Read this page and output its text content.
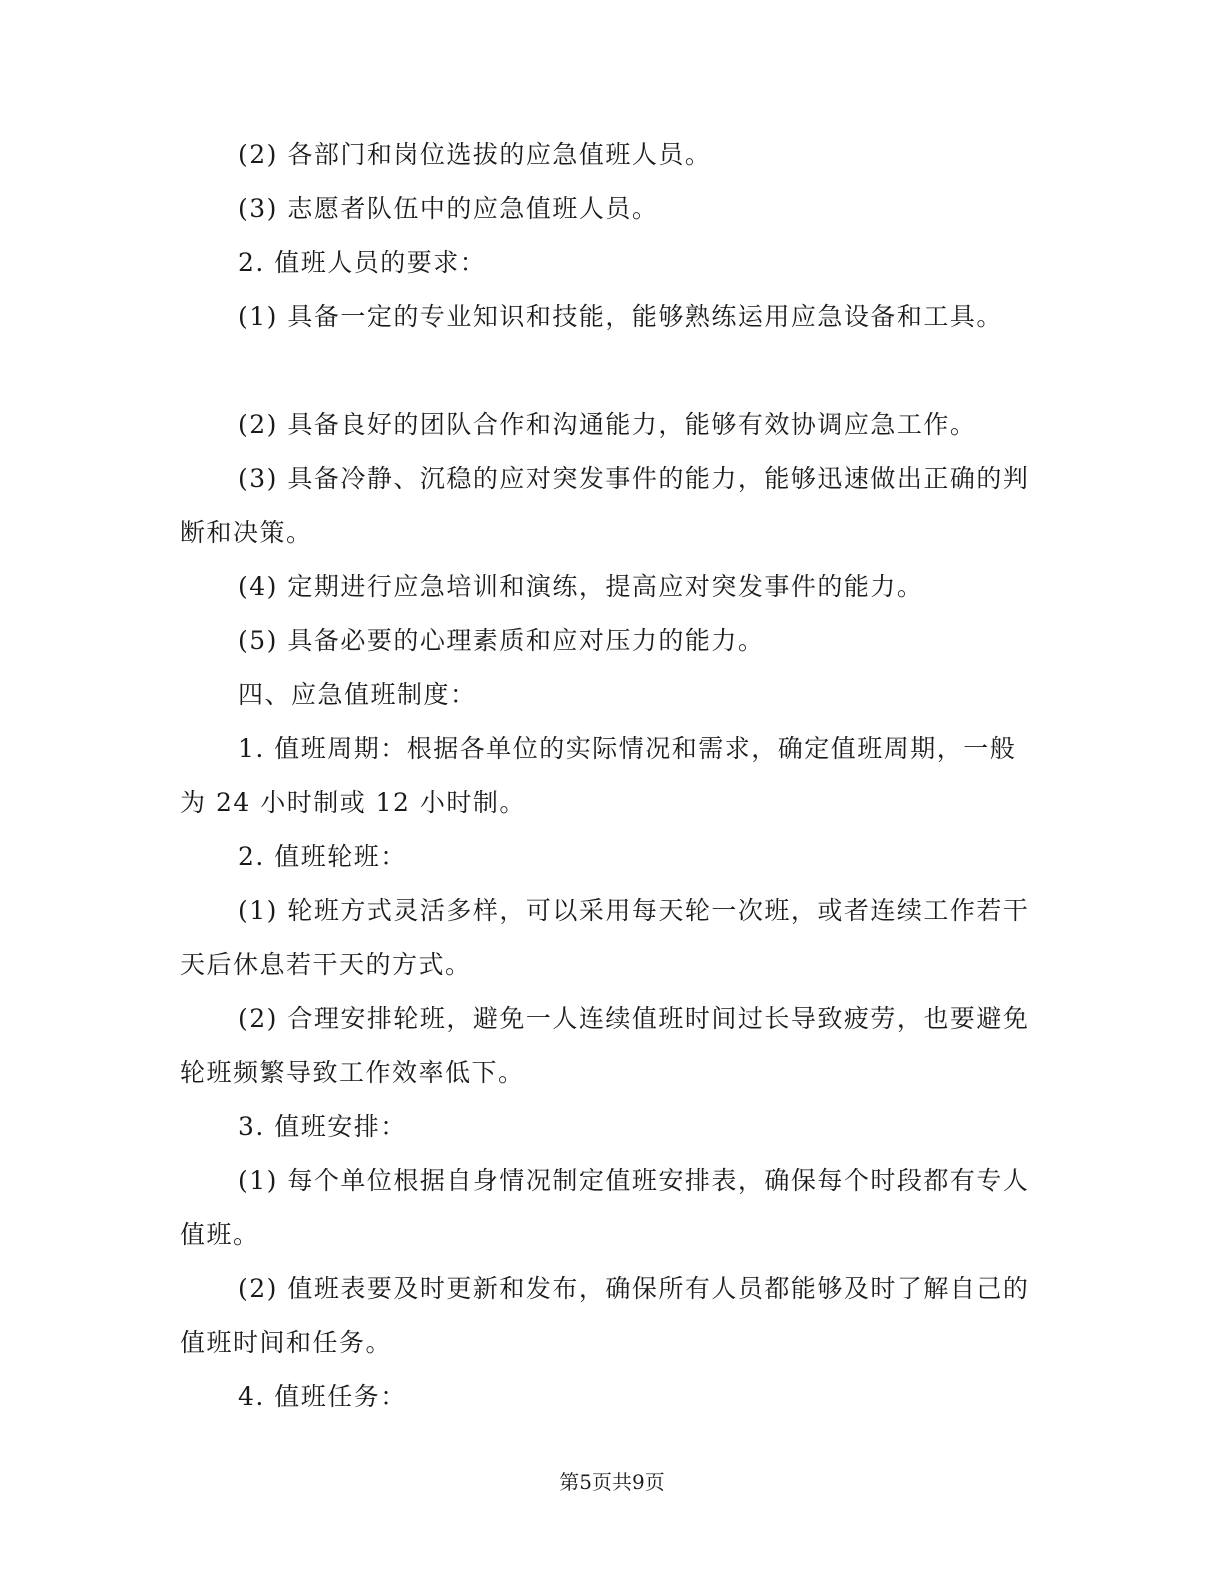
(2) 各部门和岗位选拔的应急值班人员。

(3) 志愿者队伍中的应急值班人员。

2. 值班人员的要求：

(1) 具备一定的专业知识和技能，能够熟练运用应急设备和工具。

(2) 具备良好的团队合作和沟通能力，能够有效协调应急工作。

(3) 具备冷静、沉稳的应对突发事件的能力，能够迅速做出正确的判断和决策。

(4) 定期进行应急培训和演练，提高应对突发事件的能力。

(5) 具备必要的心理素质和应对压力的能力。

四、应急值班制度：

1. 值班周期：根据各单位的实际情况和需求，确定值班周期，一般为 24 小时制或 12 小时制。

2. 值班轮班：

(1) 轮班方式灵活多样，可以采用每天轮一次班，或者连续工作若干天后休息若干天的方式。

(2) 合理安排轮班，避免一人连续值班时间过长导致疲劳，也要避免轮班频繁导致工作效率低下。

3. 值班安排：

(1) 每个单位根据自身情况制定值班安排表，确保每个时段都有专人值班。

(2) 值班表要及时更新和发布，确保所有人员都能够及时了解自己的值班时间和任务。

4. 值班任务：

第5页共9页
